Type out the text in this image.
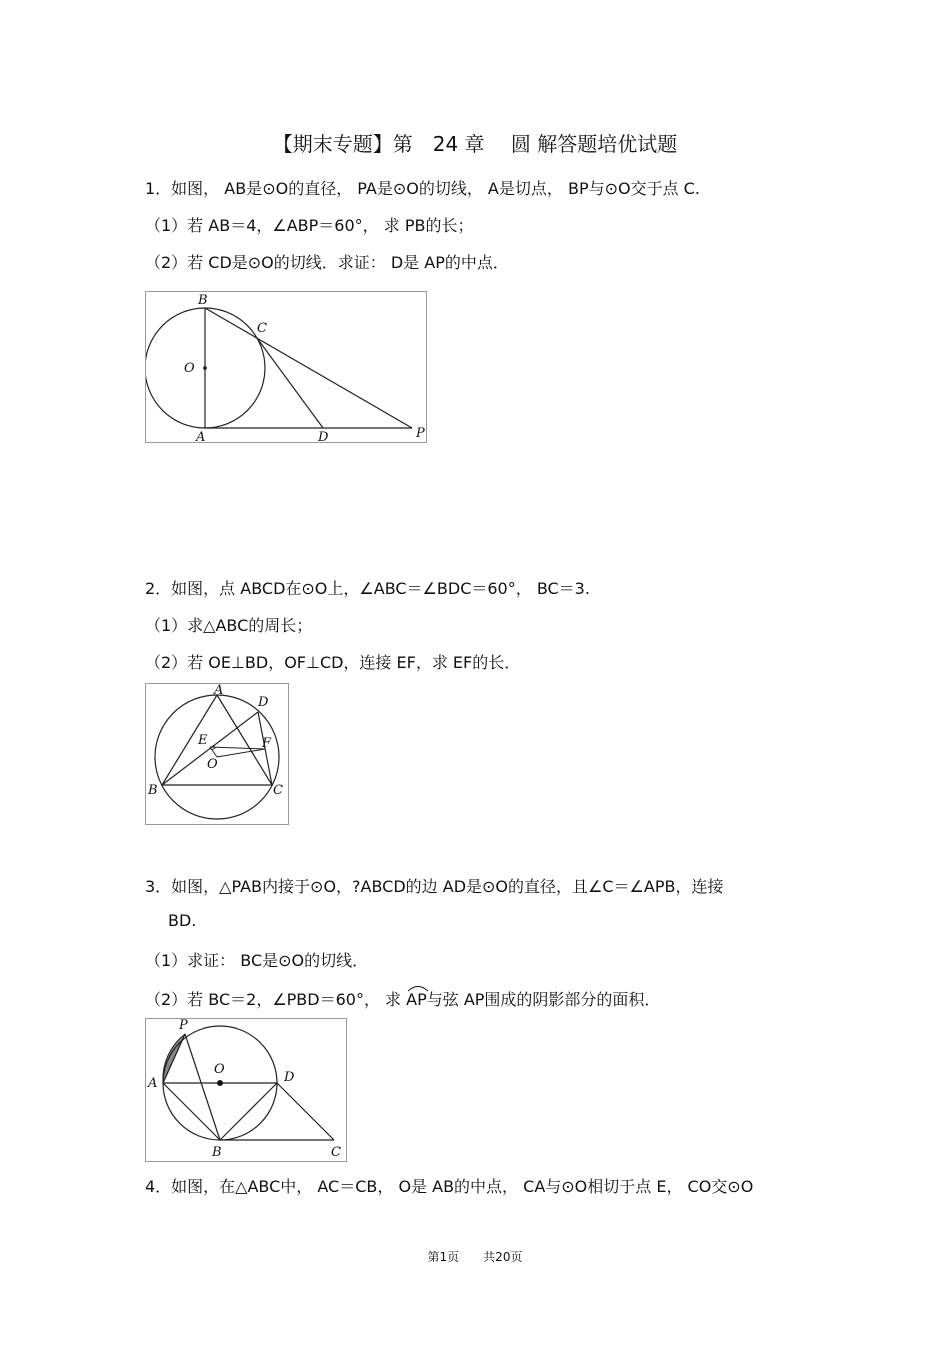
【期末专题】第　24 章　 圆 解答题培优试题
1．如图， AB是⊙O的直径， PA是⊙O的切线， A是切点， BP与⊙O交于点 C.
（1）若 AB＝4，∠ABP＝60°， 求 PB的长；
（2）若 CD是⊙O的切线．求证： D是 AP的中点．
B
C
O
A	D	P
2．如图，点 ABCD在⊙O上，∠ABC＝∠BDC＝60°， BC＝3.
（1）求△ABC的周长；
（2）若 OE⊥BD，OF⊥CD，连接 EF，求 EF的长．
A
D
E	F
O
B	C
3．如图，△PAB内接于⊙O，?ABCD的边 AD是⊙O的直径，且∠C＝∠APB，连接
BD.
（1）求证： BC是⊙O的切线．
（2）若 BC＝2，∠PBD＝60°， 求
AP与弦 AP围成的阴影部分的面积．
P
O
A	D
B	C
4．如图，在△ABC中， AC＝CB， O是 AB的中点， CA与⊙O相切于点 E， CO交⊙O
第1页　　共20页
